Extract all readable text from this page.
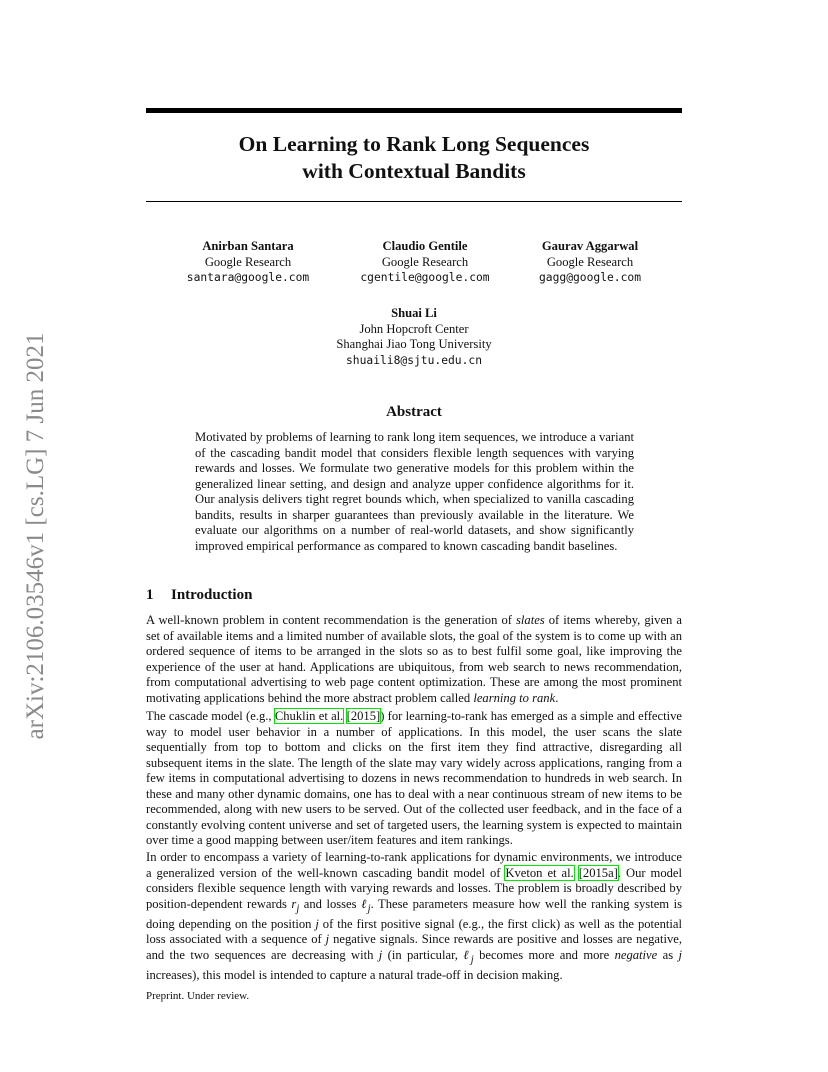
arXiv:2106.03546v1 [cs.LG] 7 Jun 2021
On Learning to Rank Long Sequences
with Contextual Bandits
Anirban Santara
Google Research
santara@google.com
Claudio Gentile
Google Research
cgentile@google.com
Gaurav Aggarwal
Google Research
gagg@google.com
Shuai Li
John Hopcroft Center
Shanghai Jiao Tong University
shuaili8@sjtu.edu.cn
Abstract

Motivated by problems of learning to rank long item sequences, we introduce a variant of the cascading bandit model that considers flexible length sequences with varying rewards and losses. We formulate two generative models for this problem within the generalized linear setting, and design and analyze upper confidence algorithms for it. Our analysis delivers tight regret bounds which, when specialized to vanilla cascading bandits, results in sharper guarantees than previously available in the literature. We evaluate our algorithms on a number of real-world datasets, and show significantly improved empirical performance as compared to known cascading bandit baselines.

1 Introduction

A well-known problem in content recommendation is the generation of slates of items whereby, given a set of available items and a limited number of available slots, the goal of the system is to come up with an ordered sequence of items to be arranged in the slots so as to best fulfil some goal, like improving the experience of the user at hand. Applications are ubiquitous, from web search to news recommendation, from computational advertising to web page content optimization. These are among the most prominent motivating applications behind the more abstract problem called learning to rank.

The cascade model (e.g., Chuklin et al. [2015]) for learning-to-rank has emerged as a simple and effective way to model user behavior in a number of applications. In this model, the user scans the slate sequentially from top to bottom and clicks on the first item they find attractive, disregarding all subsequent items in the slate. The length of the slate may vary widely across applications, ranging from a few items in computational advertising to dozens in news recommendation to hundreds in web search. In these and many other dynamic domains, one has to deal with a near continuous stream of new items to be recommended, along with new users to be served. Out of the collected user feedback, and in the face of a constantly evolving content universe and set of targeted users, the learning system is expected to maintain over time a good mapping between user/item features and item rankings.

In order to encompass a variety of learning-to-rank applications for dynamic environments, we introduce a generalized version of the well-known cascading bandit model of Kveton et al. [2015a]. Our model considers flexible sequence length with varying rewards and losses. The problem is broadly described by position-dependent rewards $r_j$ and losses ℓ$_j$. These parameters measure how well the ranking system is doing depending on the position j of the first positive signal (e.g., the first click) as well as the potential loss associated with a sequence of j negative signals. Since rewards are positive and losses are negative, and the two sequences are decreasing with j (in particular, ℓ$_j$ becomes more and more negative as j increases), this model is intended to capture a natural trade-off in decision making.

Preprint. Under review.
